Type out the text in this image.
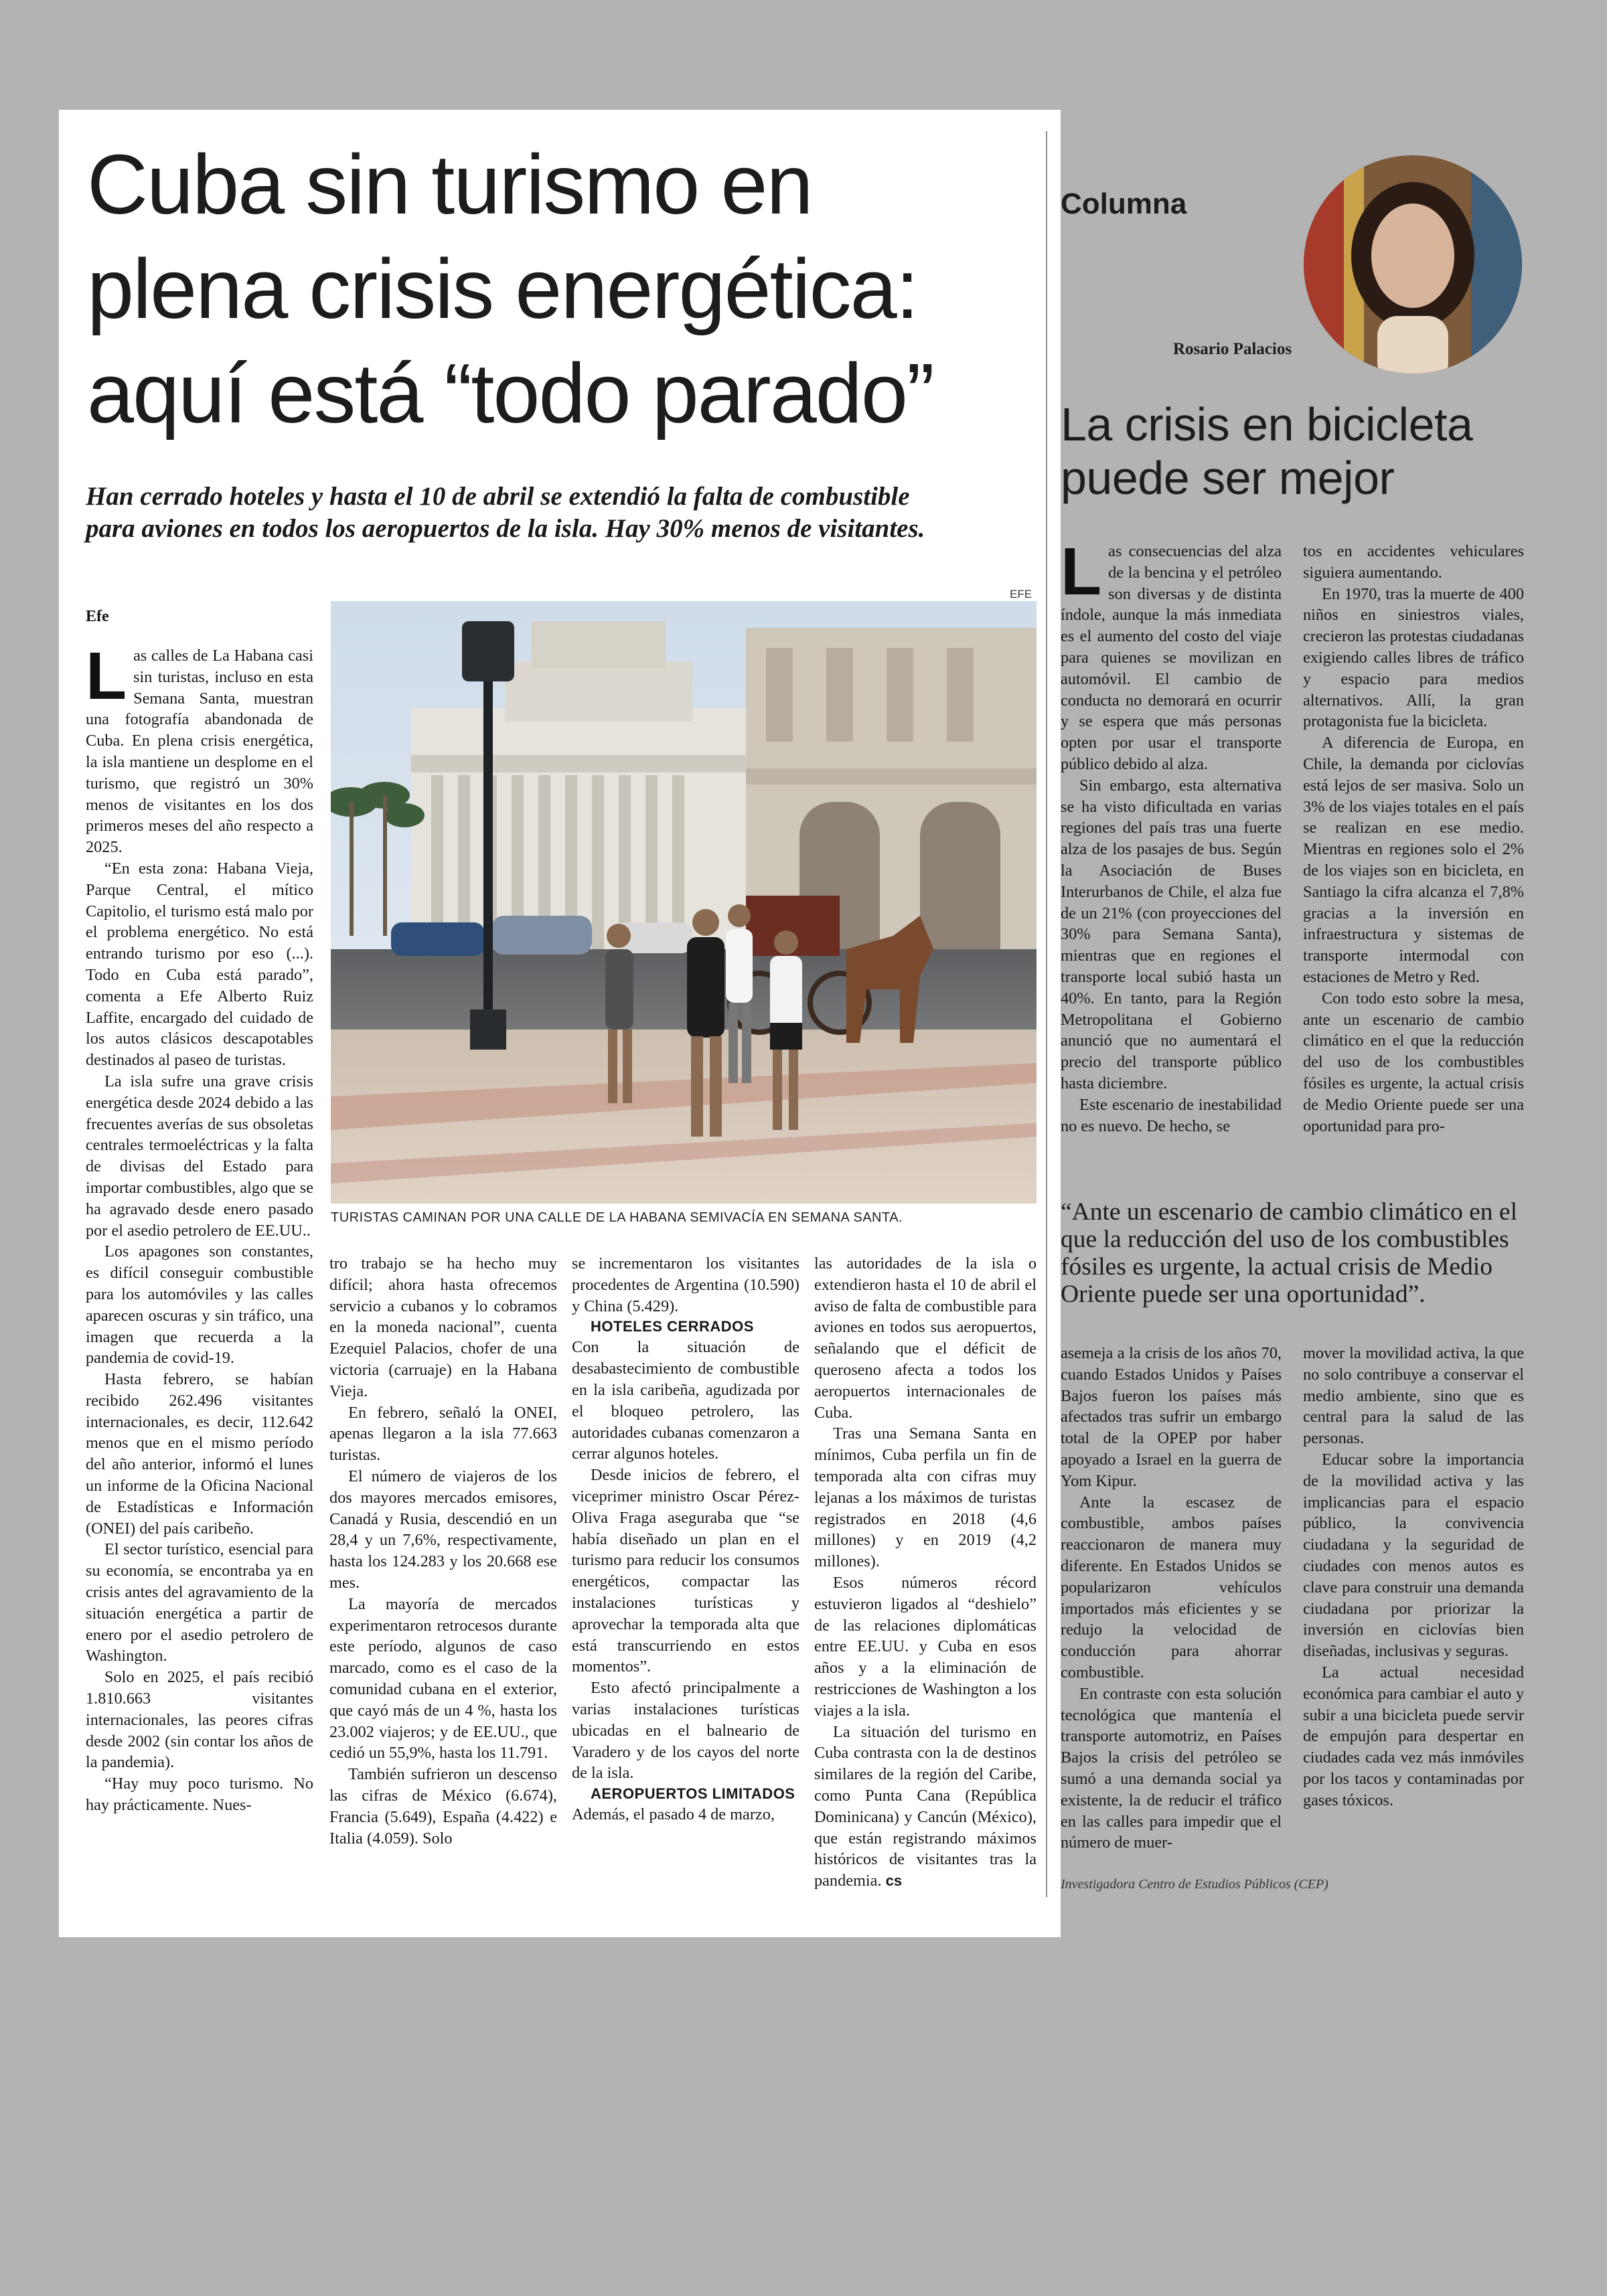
Cuba sin turismo en
plena crisis energética:
aquí está “todo parado”
Han cerrado hoteles y hasta el 10 de abril se extendió la falta de combustible
para aviones en todos los aeropuertos de la isla. Hay 30% menos de visitantes.
Efe

Las calles de La Habana casi sin turistas, incluso en esta Semana Santa, muestran una fotografía abandonada de Cuba. En plena crisis energética, la isla mantiene un desplome en el turismo, que registró un 30% menos de visitantes en los dos primeros meses del año respecto a 2025.

“En esta zona: Habana Vieja, Parque Central, el mítico Capitolio, el turismo está malo por el problema energético. No está entrando turismo por eso (...). Todo en Cuba está parado”, comenta a Efe Alberto Ruiz Laffite, encargado del cuidado de los autos clásicos descapotables destinados al paseo de turistas.

La isla sufre una grave crisis energética desde 2024 debido a las frecuentes averías de sus obsoletas centrales termoeléctricas y la falta de divisas del Estado para importar combustibles, algo que se ha agravado desde enero pasado por el asedio petrolero de EE.UU..

Los apagones son constantes, es difícil conseguir combustible para los automóviles y las calles aparecen oscuras y sin tráfico, una imagen que recuerda a la pandemia de covid-19.

Hasta febrero, se habían recibido 262.496 visitantes internacionales, es decir, 112.642 menos que en el mismo período del año anterior, informó el lunes un informe de la Oficina Nacional de Estadísticas e Información (ONEI) del país caribeño.

El sector turístico, esencial para su economía, se encontraba ya en crisis antes del agravamiento de la situación energética a partir de enero por el asedio petrolero de Washington.

Solo en 2025, el país recibió 1.810.663 visitantes internacionales, las peores cifras desde 2002 (sin contar los años de la pandemia).

“Hay muy poco turismo. No hay prácticamente. Nues-

EFE
TURISTAS CAMINAN POR UNA CALLE DE LA HABANA SEMIVACÍA EN SEMANA SANTA.

tro trabajo se ha hecho muy difícil; ahora hasta ofrecemos servicio a cubanos y lo cobramos en la moneda nacional”, cuenta Ezequiel Palacios, chofer de una victoria (carruaje) en la Habana Vieja.

En febrero, señaló la ONEI, apenas llegaron a la isla 77.663 turistas.

El número de viajeros de los dos mayores mercados emisores, Canadá y Rusia, descendió en un 28,4 y un 7,6%, respectivamente, hasta los 124.283 y los 20.668 ese mes.

La mayoría de mercados experimentaron retrocesos durante este período, algunos de caso marcado, como es el caso de la comunidad cubana en el exterior, que cayó más de un 4 %, hasta los 23.002 viajeros; y de EE.UU., que cedió un 55,9%, hasta los 11.791.

También sufrieron un descenso las cifras de México (6.674), Francia (5.649), España (4.422) e Italia (4.059). Solo

se incrementaron los visitantes procedentes de Argentina (10.590) y China (5.429).

HOTELES CERRADOS

Con la situación de desabastecimiento de combustible en la isla caribeña, agudizada por el bloqueo petrolero, las autoridades cubanas comenzaron a cerrar algunos hoteles.

Desde inicios de febrero, el viceprimer ministro Oscar Pérez-Oliva Fraga aseguraba que “se había diseñado un plan en el turismo para reducir los consumos energéticos, compactar las instalaciones turísticas y aprovechar la temporada alta que está transcurriendo en estos momentos”.

Esto afectó principalmente a varias instalaciones turísticas ubicadas en el balneario de Varadero y de los cayos del norte de la isla.

AEROPUERTOS LIMITADOS

Además, el pasado 4 de marzo,

las autoridades de la isla o extendieron hasta el 10 de abril el aviso de falta de combustible para aviones en todos sus aeropuertos, señalando que el déficit de queroseno afecta a todos los aeropuertos internacionales de Cuba.

Tras una Semana Santa en mínimos, Cuba perfila un fin de temporada alta con cifras muy lejanas a los máximos de turistas registrados en 2018 (4,6 millones) y en 2019 (4,2 millones).

Esos números récord estuvieron ligados al “deshielo” de las relaciones diplomáticas entre EE.UU. y Cuba en esos años y a la eliminación de restricciones de Washington a los viajes a la isla.

La situación del turismo en Cuba contrasta con la de destinos similares de la región del Caribe, como Punta Cana (República Dominicana) y Cancún (México), que están registrando máximos históricos de visitantes tras la pandemia. cs

Columna
Rosario Palacios
La crisis en bicicleta
puede ser mejor

Las consecuencias del alza de la bencina y el petróleo son diversas y de distinta índole, aunque la más inmediata es el aumento del costo del viaje para quienes se movilizan en automóvil. El cambio de conducta no demorará en ocurrir y se espera que más personas opten por usar el transporte público debido al alza.

Sin embargo, esta alternativa se ha visto dificultada en varias regiones del país tras una fuerte alza de los pasajes de bus. Según la Asociación de Buses Interurbanos de Chile, el alza fue de un 21% (con proyecciones del 30% para Semana Santa), mientras que en regiones el transporte local subió hasta un 40%. En tanto, para la Región Metropolitana el Gobierno anunció que no aumentará el precio del transporte público hasta diciembre.

Este escenario de inestabilidad no es nuevo. De hecho, se

tos en accidentes vehiculares siguiera aumentando.

En 1970, tras la muerte de 400 niños en siniestros viales, crecieron las protestas ciudadanas exigiendo calles libres de tráfico y espacio para medios alternativos. Allí, la gran protagonista fue la bicicleta.

A diferencia de Europa, en Chile, la demanda por ciclovías está lejos de ser masiva. Solo un 3% de los viajes totales en el país se realizan en ese medio. Mientras en regiones solo el 2% de los viajes son en bicicleta, en Santiago la cifra alcanza el 7,8% gracias a la inversión en infraestructura y sistemas de transporte intermodal con estaciones de Metro y Red.

Con todo esto sobre la mesa, ante un escenario de cambio climático en el que la reducción del uso de los combustibles fósiles es urgente, la actual crisis de Medio Oriente puede ser una oportunidad para pro-

“Ante un escenario de cambio climático en el
que la reducción del uso de los combustibles
fósiles es urgente, la actual crisis de Medio
Oriente puede ser una oportunidad”.

asemeja a la crisis de los años 70, cuando Estados Unidos y Países Bajos fueron los países más afectados tras sufrir un embargo total de la OPEP por haber apoyado a Israel en la guerra de Yom Kipur.

Ante la escasez de combustible, ambos países reaccionaron de manera muy diferente. En Estados Unidos se popularizaron vehículos importados más eficientes y se redujo la velocidad de conducción para ahorrar combustible.

En contraste con esta solución tecnológica que mantenía el transporte automotriz, en Países Bajos la crisis del petróleo se sumó a una demanda social ya existente, la de reducir el tráfico en las calles para impedir que el número de muer-

mover la movilidad activa, la que no solo contribuye a conservar el medio ambiente, sino que es central para la salud de las personas.

Educar sobre la importancia de la movilidad activa y las implicancias para el espacio público, la convivencia ciudadana y la seguridad de ciudades con menos autos es clave para construir una demanda ciudadana por priorizar la inversión en ciclovías bien diseñadas, inclusivas y seguras.

La actual necesidad económica para cambiar el auto y subir a una bicicleta puede servir de empujón para despertar en ciudades cada vez más inmóviles por los tacos y contaminadas por gases tóxicos.

Investigadora Centro de Estudios Públicos (CEP)
